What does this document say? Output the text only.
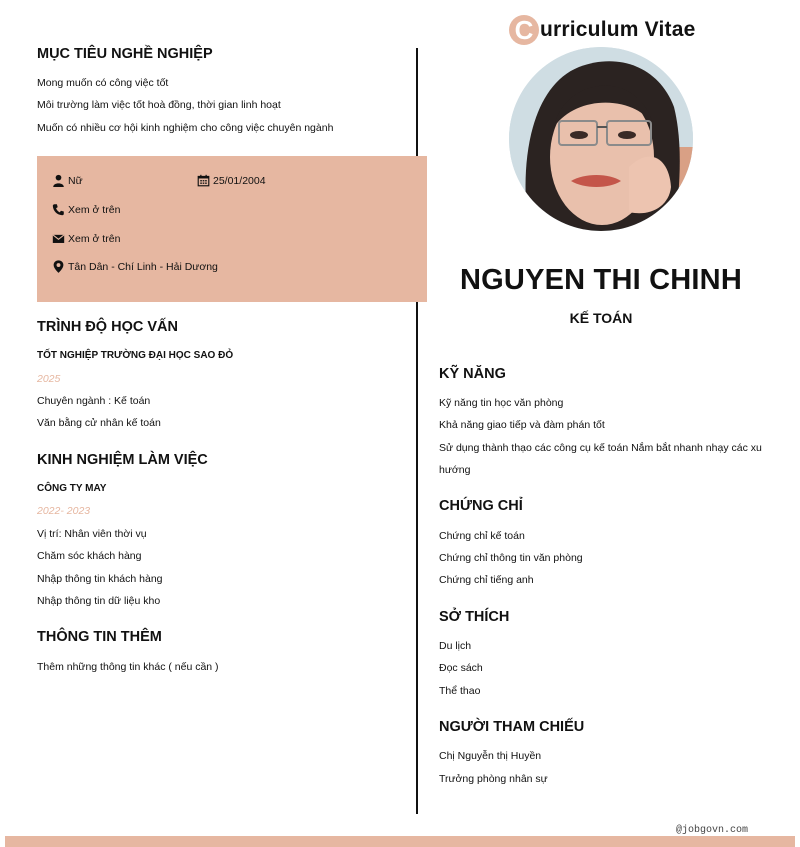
C urriculum Vitae
NGUYEN THI CHINH
KẾ TOÁN
MỤC TIÊU NGHỀ NGHIỆP
Mong muốn có công việc tốt
Môi trường làm việc tốt hoà đồng, thời gian linh hoạt
Muốn có nhiều cơ hội kinh nghiệm cho công việc chuyên ngành
Nữ	25/01/2004
Xem ở trên
Xem ở trên
Tân Dân - Chí Linh - Hải Dương
TRÌNH ĐỘ HỌC VẤN
TỐT NGHIỆP TRƯỜNG ĐẠI HỌC SAO ĐỎ
2025
Chuyên ngành : Kế toán
Văn bằng cử nhân kế toán
KINH NGHIỆM LÀM VIỆC
CÔNG TY MAY
2022- 2023
Vị trí: Nhân viên thời vụ
Chăm sóc khách hàng
Nhập thông tin khách hàng
Nhập thông tin dữ liệu kho
THÔNG TIN THÊM
Thêm những thông tin khác ( nếu cần )
KỸ NĂNG
Kỹ năng tin học văn phòng
Khả năng giao tiếp và đàm phán tốt
Sử dụng thành thạo các công cụ kế toán Nắm bắt nhanh nhạy các xu
hướng
CHỨNG CHỈ
Chứng chỉ kế toán
Chứng chỉ thông tin văn phòng
Chứng chỉ tiếng anh
SỞ THÍCH
Du lịch
Đọc sách
Thể thao
NGƯỜI THAM CHIẾU
Chị Nguyễn thị Huyền
Trưởng phòng nhân sự
@jobgovn.com
